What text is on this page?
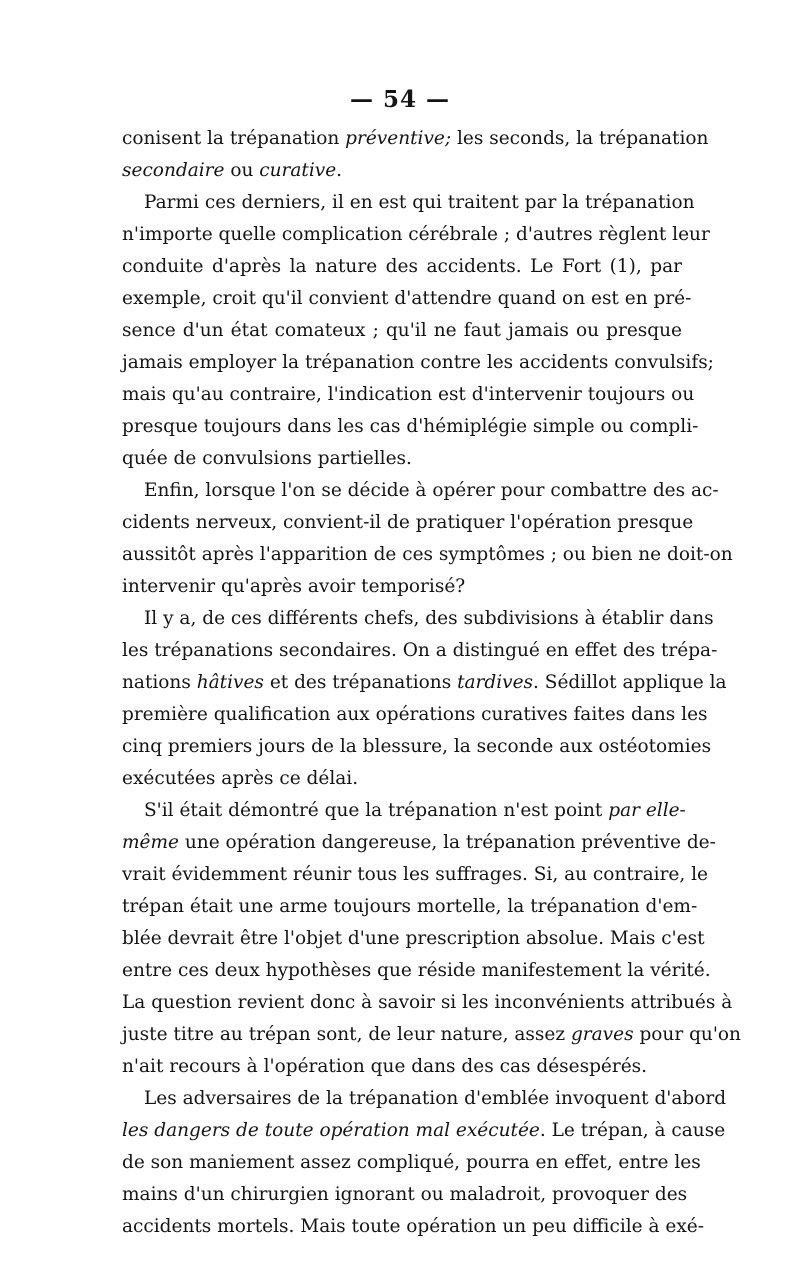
— 54 —
conisent la trépanation préventive; les seconds, la trépanation
secondaire ou curative.
Parmi ces derniers, il en est qui traitent par la trépanation
n'importe quelle complication cérébrale ; d'autres règlent leur
conduite d'après la nature des accidents. Le Fort (1), par
exemple, croit qu'il convient d'attendre quand on est en pré-
sence d'un état comateux ; qu'il ne faut jamais ou presque
jamais employer la trépanation contre les accidents convulsifs;
mais qu'au contraire, l'indication est d'intervenir toujours ou
presque toujours dans les cas d'hémiplégie simple ou compli-
quée de convulsions partielles.
Enfin, lorsque l'on se décide à opérer pour combattre des ac-
cidents nerveux, convient-il de pratiquer l'opération presque
aussitôt après l'apparition de ces symptômes ; ou bien ne doit-on
intervenir qu'après avoir temporisé?
Il y a, de ces différents chefs, des subdivisions à établir dans
les trépanations secondaires. On a distingué en effet des trépa-
nations hâtives et des trépanations tardives. Sédillot applique la
première qualification aux opérations curatives faites dans les
cinq premiers jours de la blessure, la seconde aux ostéotomies
exécutées après ce délai.
S'il était démontré que la trépanation n'est point par elle-
même une opération dangereuse, la trépanation préventive de-
vrait évidemment réunir tous les suffrages. Si, au contraire, le
trépan était une arme toujours mortelle, la trépanation d'em-
blée devrait être l'objet d'une prescription absolue. Mais c'est
entre ces deux hypothèses que réside manifestement la vérité.
La question revient donc à savoir si les inconvénients attribués à
juste titre au trépan sont, de leur nature, assez graves pour qu'on
n'ait recours à l'opération que dans des cas désespérés.
Les adversaires de la trépanation d'emblée invoquent d'abord
les dangers de toute opération mal exécutée. Le trépan, à cause
de son maniement assez compliqué, pourra en effet, entre les
mains d'un chirurgien ignorant ou maladroit, provoquer des
accidents mortels. Mais toute opération un peu difficile à exé-
